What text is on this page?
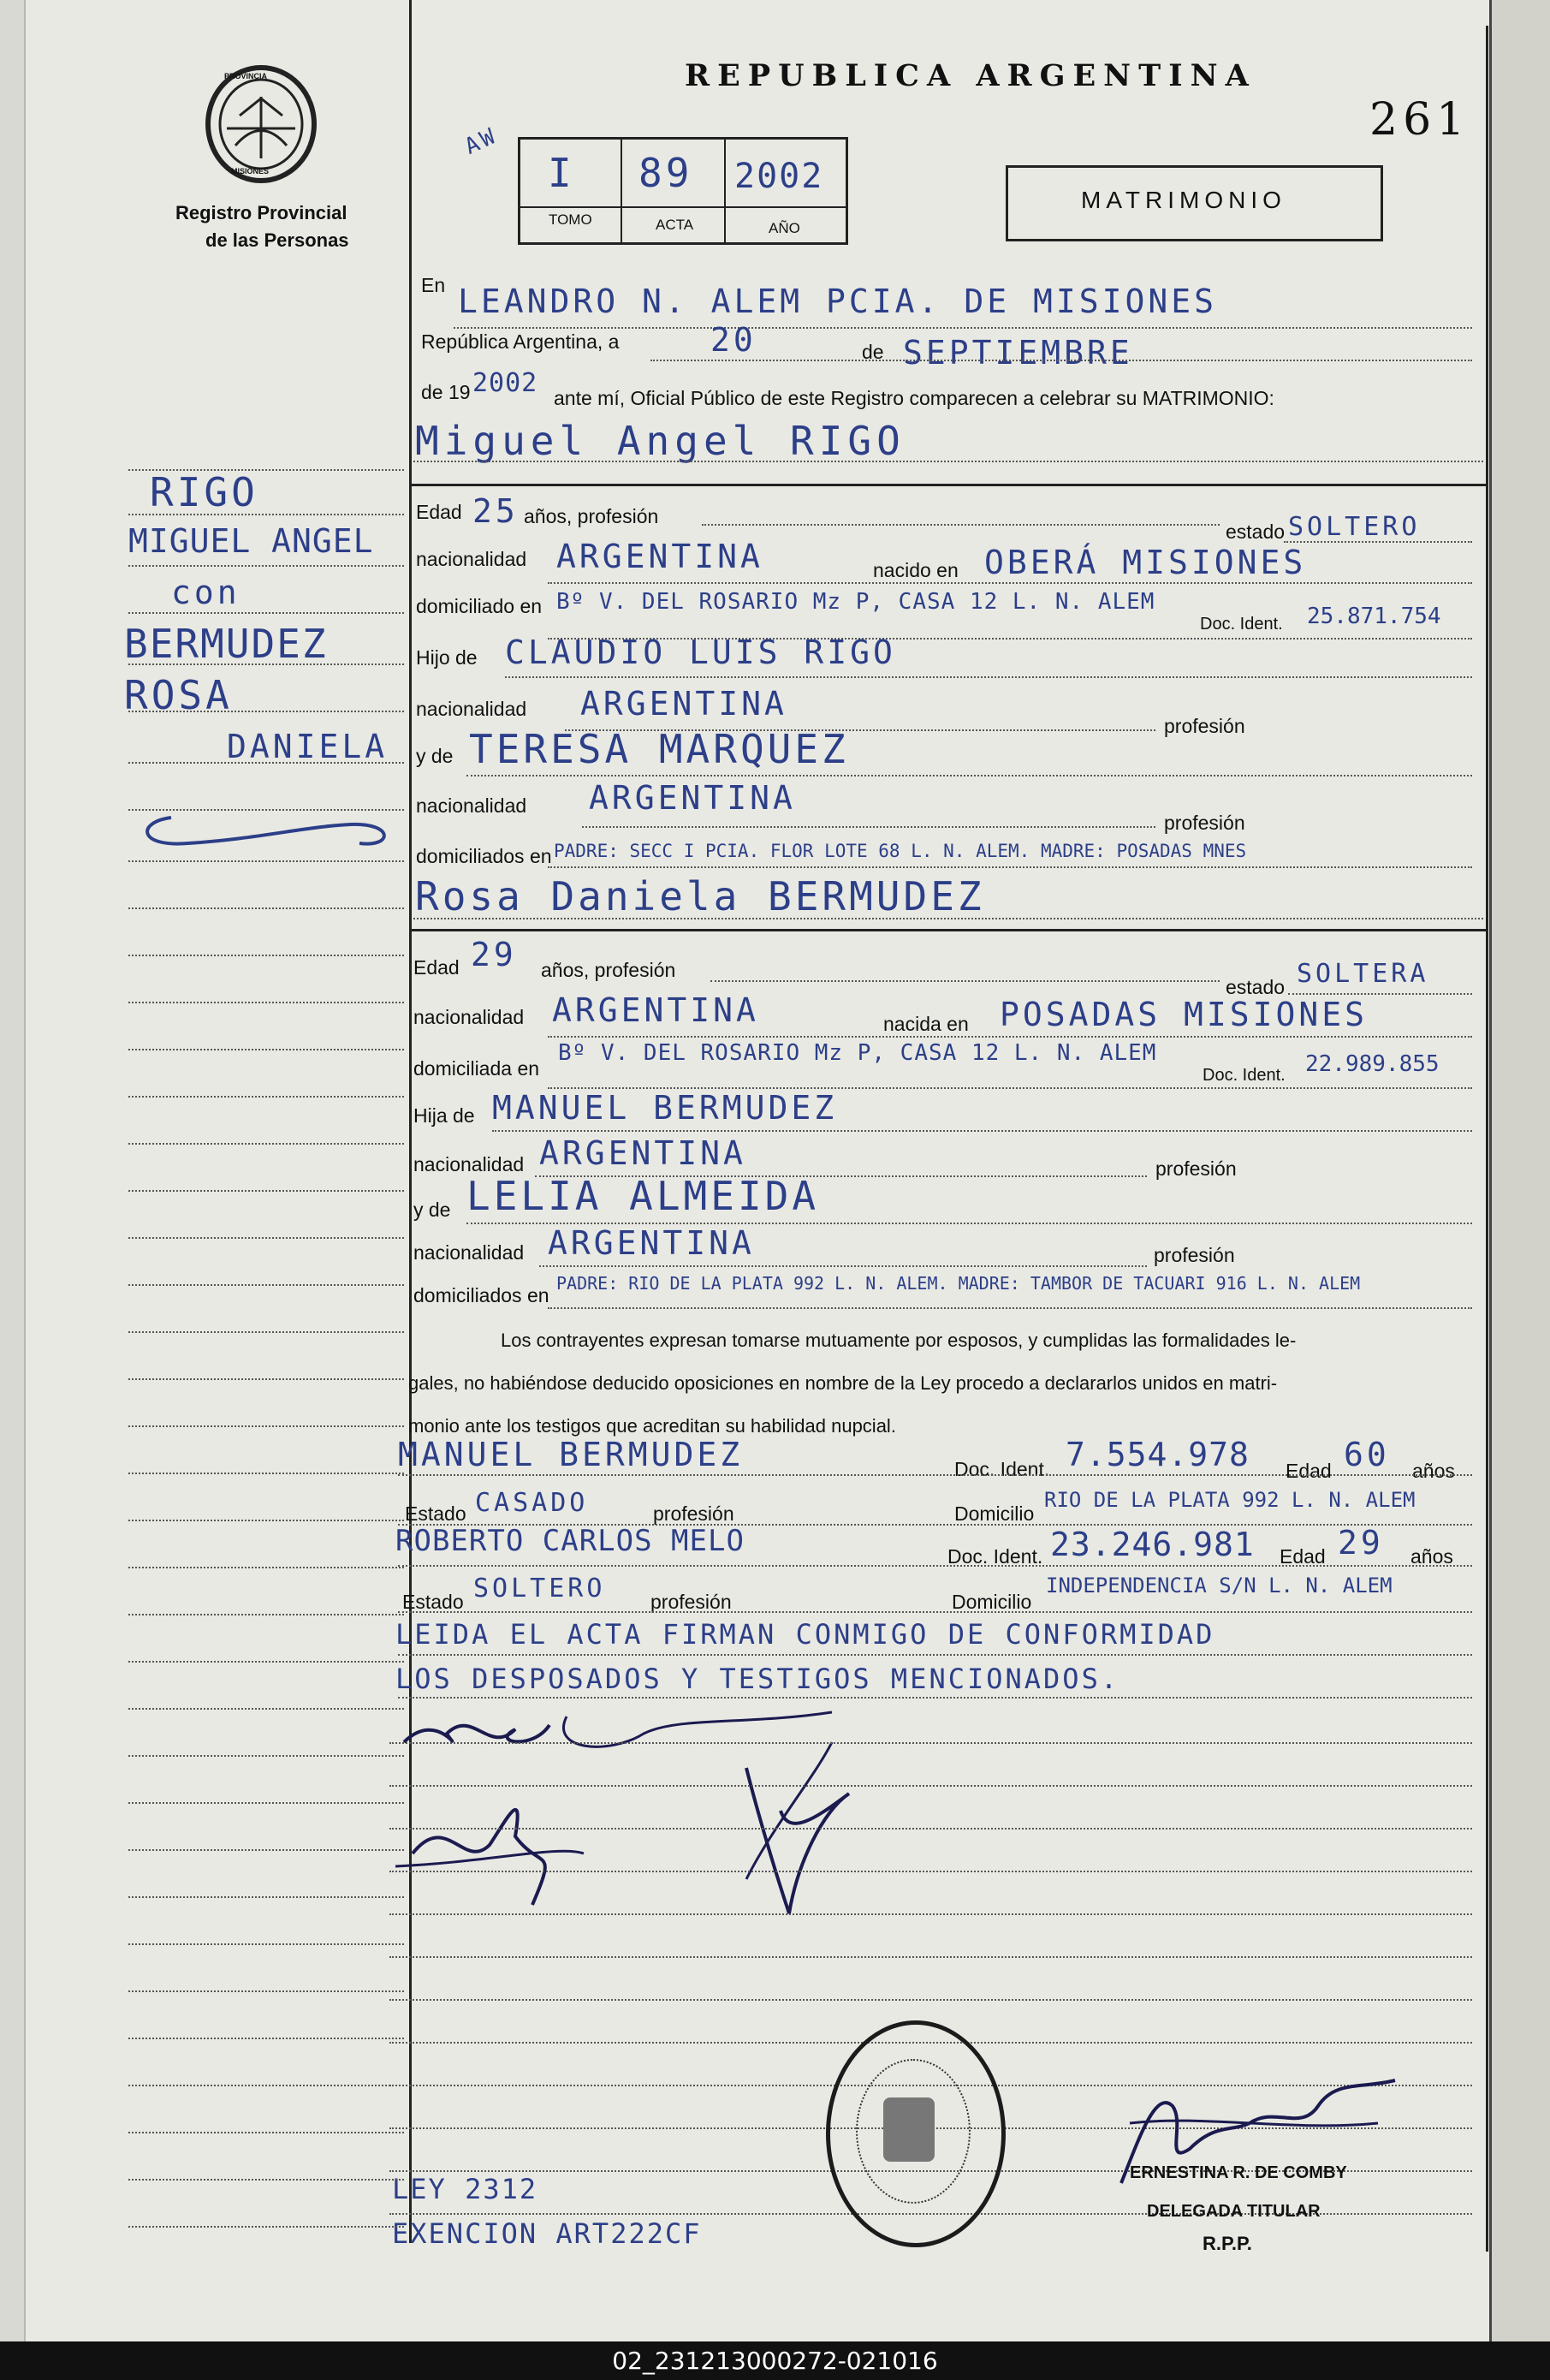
PROVINCIA
MISIONES
Registro Provincial
de las Personas
REPUBLICA ARGENTINA
261
AW
I 89 2002
TOMO	ACTA	AÑO
MATRIMONIO
En LEANDRO N. ALEM PCIA. DE MISIONES
República Argentina, a	20	de SEPTIEMBRE
de 19 2002 ante mí, Oficial Público de este Registro comparecen a celebrar su MATRIMONIO:
Miguel Angel RIGO
Edad 25 años, profesión
estado SOLTERO
nacionalidad ARGENTINA	nacido en OBERÁ MISIONES
domiciliado en Bº V. DEL ROSARIO Mz P, CASA 12 L. N. ALEM
Doc. Ident. 25.871.754
Hijo de CLAUDIO LUIS RIGO
nacionalidad ARGENTINA
profesión
y de TERESA MARQUEZ
nacionalidad ARGENTINA
profesión
domiciliados en PADRE: SECC I PCIA. FLOR LOTE 68 L. N. ALEM. MADRE: POSADAS MNES
Rosa Daniela BERMUDEZ
Edad 29 años, profesión
estado SOLTERA
nacionalidad ARGENTINA	nacida en POSADAS MISIONES
domiciliada en
Bº V. DEL ROSARIO Mz P, CASA 12 L. N. ALEM
Doc. Ident. 22.989.855
Hija de MANUEL BERMUDEZ
nacionalidad ARGENTINA	profesión
y de LELIA ALMEIDA
nacionalidad ARGENTINA	profesión
domiciliados en
PADRE: RIO DE LA PLATA 992 L. N. ALEM. MADRE: TAMBOR DE TACUARI 916 L. N. ALEM
Los contrayentes expresan tomarse mutuamente por esposos, y cumplidas las formalidades le-
gales, no habiéndose deducido oposiciones en nombre de la Ley procedo a declararlos unidos en matri-
monio ante los testigos que acreditan su habilidad nupcial.
MANUEL BERMUDEZ	Doc. Ident. 7.554.978 Edad 60 años
Estado CASADO	profesión	Domicilio
RIO DE LA PLATA 992 L. N. ALEM
ROBERTO CARLOS MELO	Doc. Ident. 23.246.981 Edad 29 años
Estado SOLTERO profesión	Domicilio
INDEPENDENCIA S/N L. N. ALEM
LEIDA EL ACTA FIRMAN CONMIGO DE CONFORMIDAD
LOS DESPOSADOS Y TESTIGOS MENCIONADOS.
ERNESTINA R. DE COMBY
DELEGADA TITULAR
R.P.P.
RIGO
MIGUEL ANGEL
con
BERMUDEZ
ROSA
DANIELA
LEY 2312
EXENCION ART222CF
02_231213000272-021016
